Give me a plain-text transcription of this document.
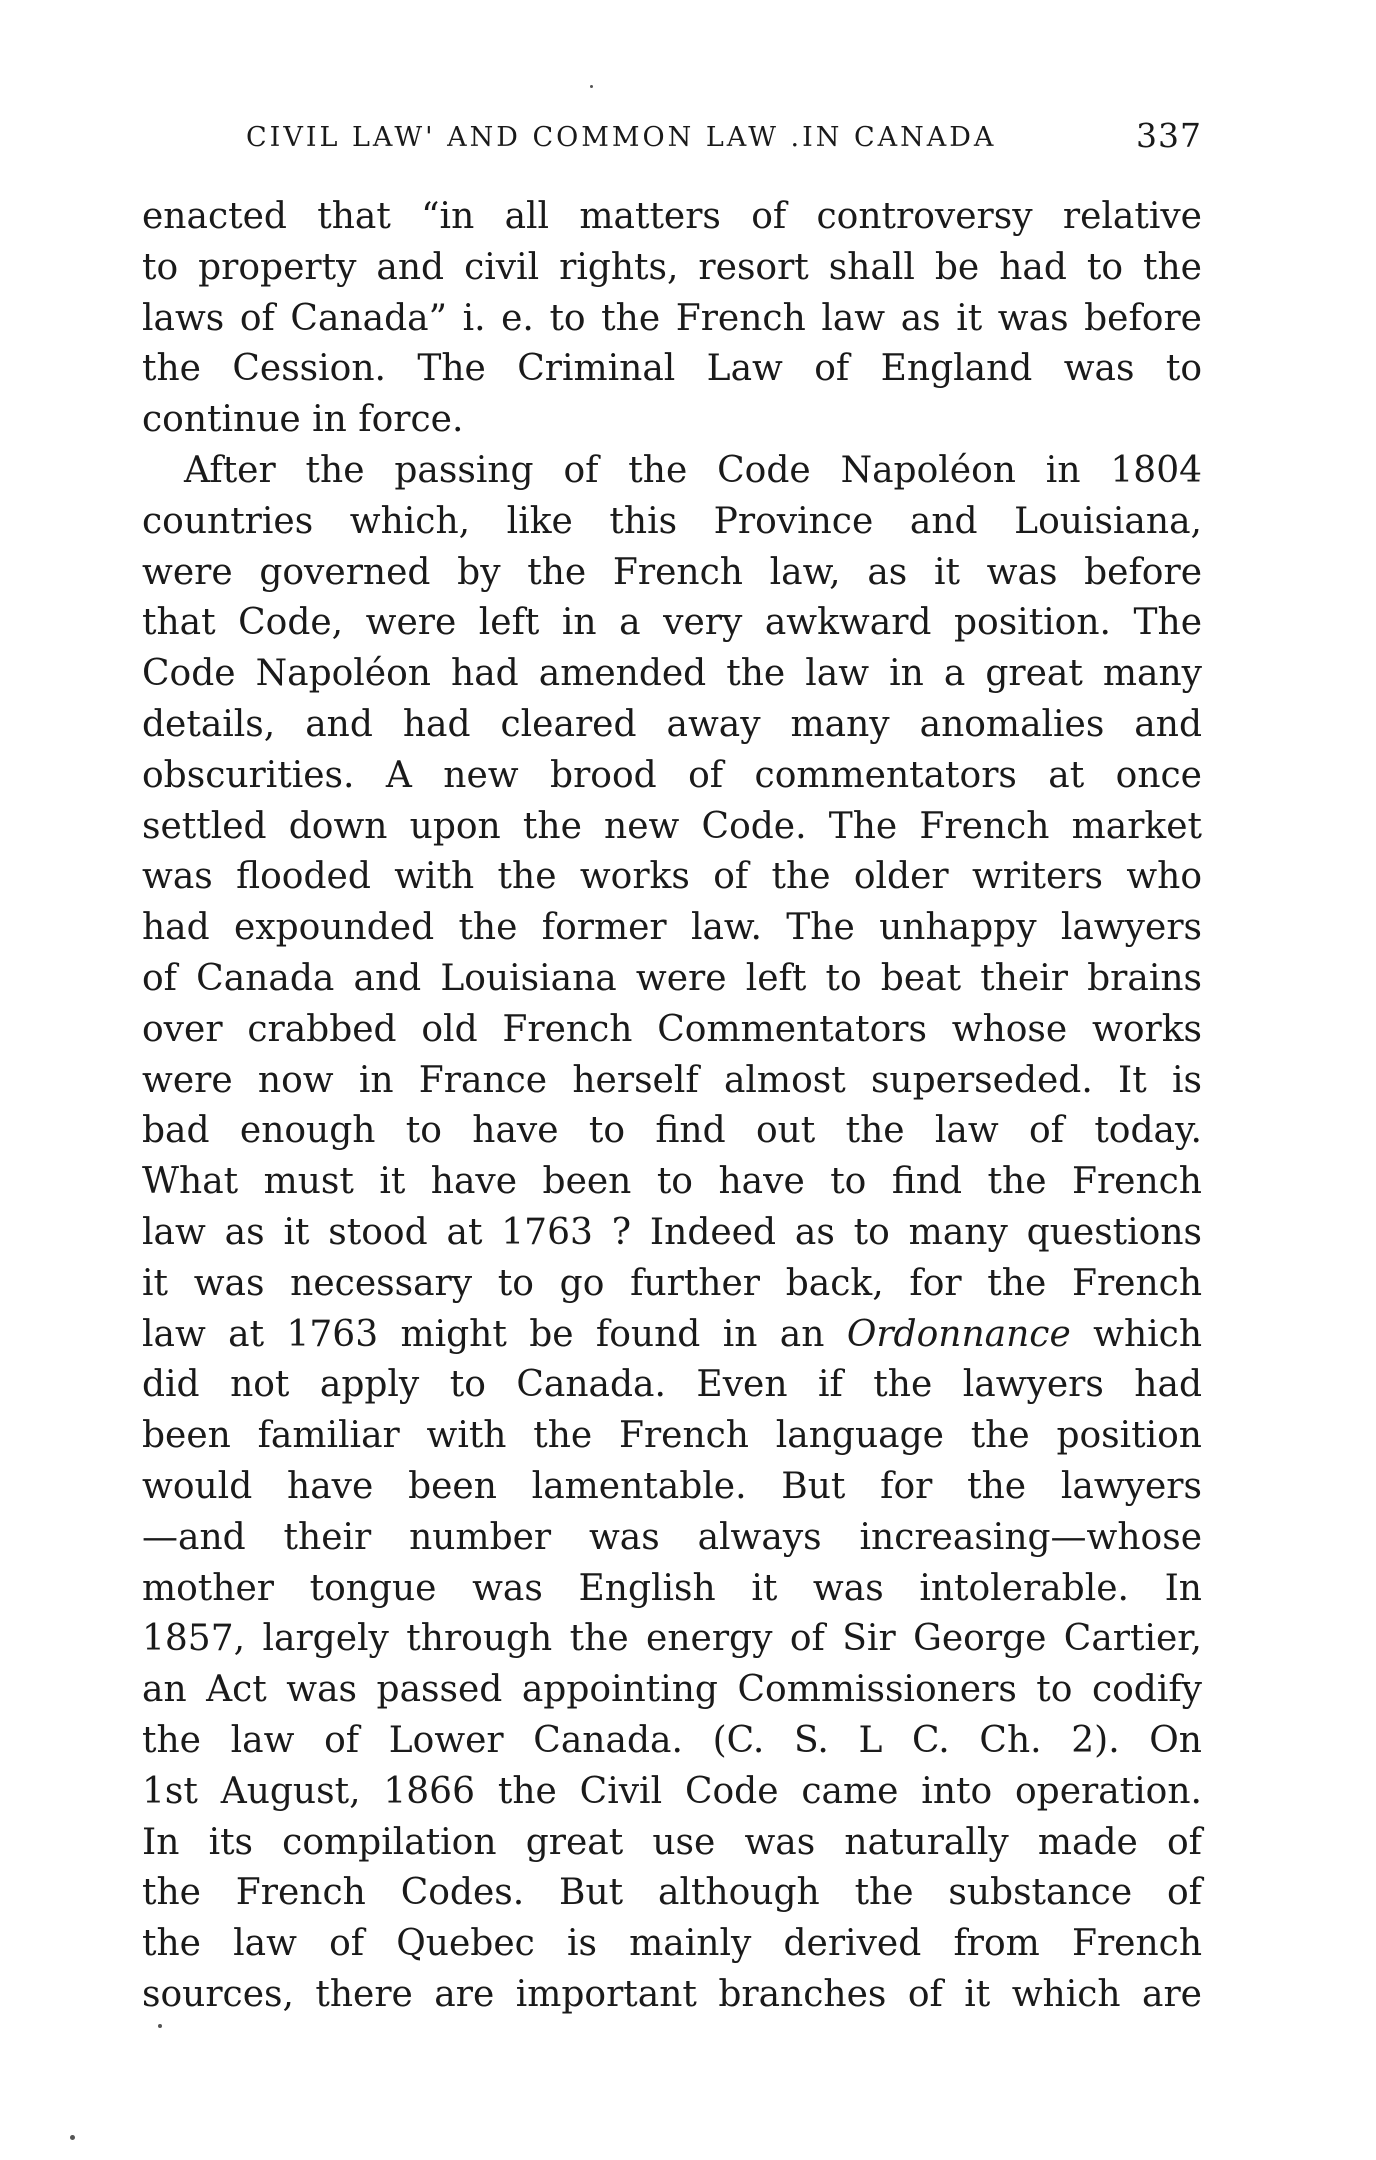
CIVIL LAW' AND COMMON LAW .IN CANADA	337

enacted that “in all matters of controversy relative

to property and civil rights, resort shall be had to the

laws of Canada” i. e. to the French law as it was before

the Cession. The Criminal Law of England was to

continue in force.

After the passing of the Code Napoléon in 1804

countries which, like this Province and Louisiana,

were governed by the French law, as it was before

that Code, were left in a very awkward position. The

Code Napoléon had amended the law in a great many

details, and had cleared away many anomalies and

obscurities. A new brood of commentators at once

settled down upon the new Code. The French market

was flooded with the works of the older writers who

had expounded the former law. The unhappy lawyers

of Canada and Louisiana were left to beat their brains

over crabbed old French Commentators whose works

were now in France herself almost superseded. It is

bad enough to have to find out the law of today.

What must it have been to have to find the French

law as it stood at 1763 ? Indeed as to many questions

it was necessary to go further back, for the French

law at 1763 might be found in an Ordonnance which

did not apply to Canada. Even if the lawyers had

been familiar with the French language the position

would have been lamentable. But for the lawyers

—and their number was always increasing—whose

mother tongue was English it was intolerable. In

1857, largely through the energy of Sir George Cartier,

an Act was passed appointing Commissioners to codify

the law of Lower Canada. (C. S. L C. Ch. 2). On

1st August, 1866 the Civil Code came into operation.

In its compilation great use was naturally made of

the French Codes. But although the substance of

the law of Quebec is mainly derived from French

sources, there are important branches of it which are
